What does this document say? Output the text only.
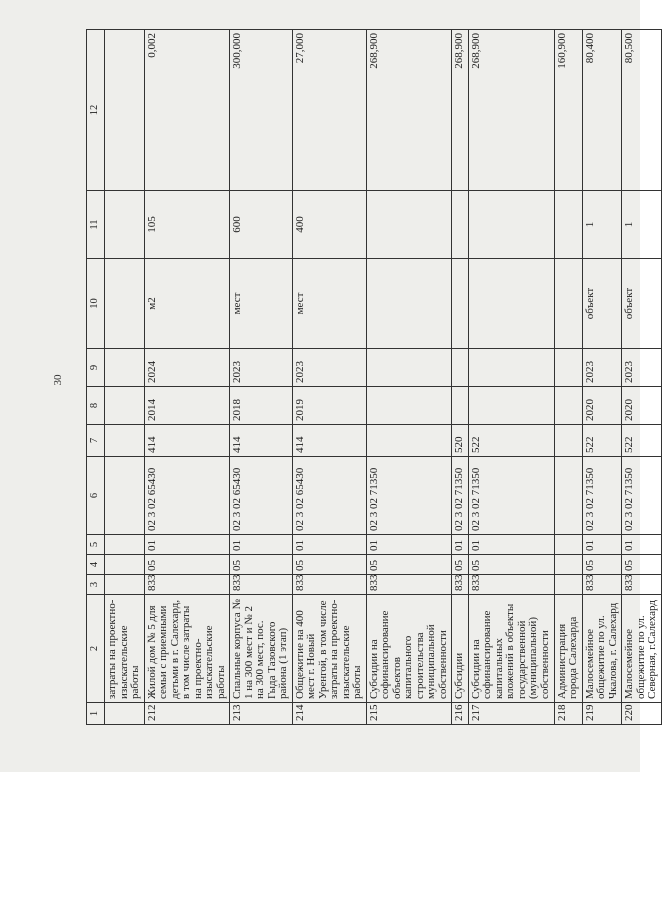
30
1	2	3	4	5	6	7	8	9	10	11	12
	затраты на проектно-изыскательские работы										
212	Жилой дом № 5 для семьи с приемными детьми в г. Салехард, в том числе затраты на проектно-изыскательские работы	833	05	01	02 3 02 65430	414	2014	2024	м2	105	0,002
213	Спальные корпуса № 1 на 300 мест и № 2 на 300 мест, пос. Гыда Тазовского района (1 этап)	833	05	01	02 3 02 65430	414	2018	2023	мест	600	300,000
214	Общежитие на 400 мест г. Новый Уренгой, в том числе затраты на проектно-изыскательские работы	833	05	01	02 3 02 65430	414	2019	2023	мест	400	27,000
215	Субсидии на софинансирование объектов капитального строительства муниципальной собственности	833	05	01	02 3 02 71350						268,900
216	Субсидии	833	05	01	02 3 02 71350	520					268,900
217	Субсидии на софинансирование капитальных вложений в объекты государственной (муниципальной) собственности	833	05	01	02 3 02 71350	522					268,900
218	Администрация города Салехарда										160,900
219	Малосемейное общежитие по ул. Чкалова, г. Салехард	833	05	01	02 3 02 71350	522	2020	2023	объект	1	80,400
220	Малосемейное общежитие по ул. Северная, г.Салехард	833	05	01	02 3 02 71350	522	2020	2023	объект	1	80,500
